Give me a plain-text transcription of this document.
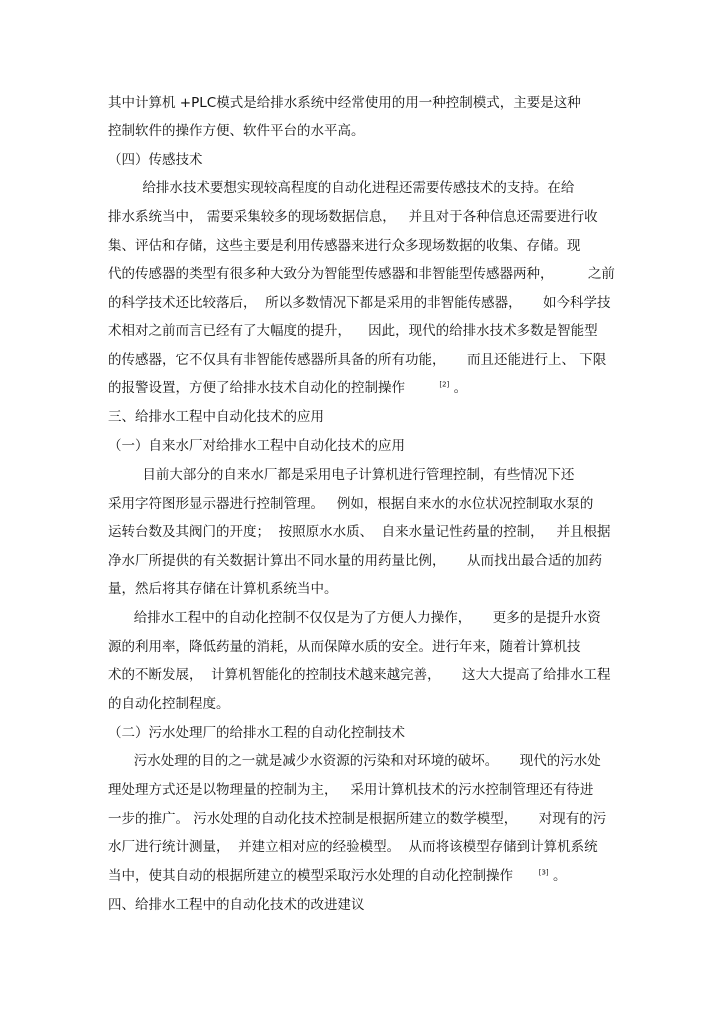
其中计算机 +PLC模式是给排水系统中经常使用的用一种控制模式，主要是这种

控制软件的操作方便、软件平台的水平高。

（四）传感技术

给排水技术要想实现较高程度的自动化进程还需要传感技术的支持。在给

排水系统当中， 需要采集较多的现场数据信息，   并且对于各种信息还需要进行收

集、评估和存储，这些主要是利用传感器来进行众多现场数据的收集、存储。现

代的传感器的类型有很多种大致分为智能型传感器和非智能型传感器两种，        之前

的科学技术还比较落后，  所以多数情况下都是采用的非智能传感器，     如今科学技

术相对之前而言已经有了大幅度的提升，    因此，现代的给排水技术多数是智能型

的传感器，它不仅具有非智能传感器所具备的所有功能，     而且还能进行上、 下限

的报警设置，方便了给排水技术自动化的控制操作	[2] 。

三、给排水工程中自动化技术的应用

（一）自来水厂对给排水工程中自动化技术的应用

目前大部分的自来水厂都是采用电子计算机进行管理控制，有些情况下还

采用字符图形显示器进行控制管理。   例如，根据自来水的水位状况控制取水泵的

运转台数及其阀门的开度；  按照原水水质、  自来水量记性药量的控制，   并且根据

净水厂所提供的有关数据计算出不同水量的用药量比例，     从而找出最合适的加药

量，然后将其存储在计算机系统当中。

给排水工程中的自动化控制不仅仅是为了方便人力操作，     更多的是提升水资

源的利用率，降低药量的消耗，从而保障水质的安全。进行年来，随着计算机技

术的不断发展，  计算机智能化的控制技术越来越完善，     这大大提高了给排水工程

的自动化控制程度。

（二）污水处理厂的给排水工程的自动化控制技术

污水处理的目的之一就是减少水资源的污染和对环境的破坏。     现代的污水处

理处理方式还是以物理量的控制为主，   采用计算机技术的污水控制管理还有待进

一步的推广。 污水处理的自动化技术控制是根据所建立的数学模型，     对现有的污

水厂进行统计测量，  并建立相对应的经验模型。  从而将该模型存储到计算机系统

当中，使其自动的根据所建立的模型采取污水处理的自动化控制操作	[3] 。

四、给排水工程中的自动化技术的改进建议
